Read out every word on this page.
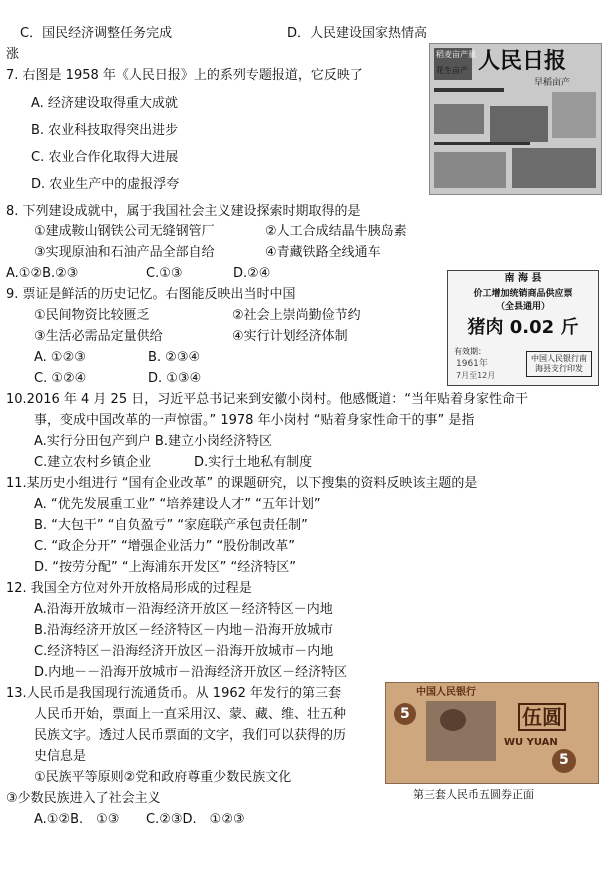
C．国民经济调整任务完成	D．人民建设国家热情高
涨
7. 右图是 1958 年《人民日报》上的系列专题报道，它反映了
A. 经济建设取得重大成就
B. 农业科技取得突出进步
C. 农业合作化取得大进展
D. 农业生产中的虚报浮夸
8. 下列建设成就中，属于我国社会主义建设探索时期取得的是
①建成鞍山钢铁公司无缝钢管厂	②人工合成结晶牛胰岛素
③实现原油和石油产品全部自给	④青藏铁路全线通车
A.①②B.②③	C.①③	D.②④
9. 票证是鲜活的历史记忆。右图能反映出当时中国
①民间物资比较匮乏	②社会上崇尚勤俭节约
③生活必需品定量供给	④实行计划经济体制
A. ①②③	B. ②③④
C. ①②④	D. ①③④
10.2016 年 4 月 25 日，习近平总书记来到安徽小岗村。他感慨道：“当年贴着身家性命干
事，变成中国改革的一声惊雷。” 1978 年小岗村 “贴着身家性命干的事” 是指
A.实行分田包产到户 B.建立小岗经济特区
C.建立农村乡镇企业	D.实行土地私有制度
11.某历史小组进行 “国有企业改革” 的课题研究，以下搜集的资料反映该主题的是
A. “优先发展重工业” “培养建设人才” “五年计划”
B. “大包干” “自负盈亏” “家庭联产承包责任制”
C. “政企分开” “增强企业活力” “股份制改革”
D. “按劳分配” “上海浦东开发区” “经济特区”
12. 我国全方位对外开放格局形成的过程是
A.沿海开放城市－沿海经济开放区－经济特区－内地
B.沿海经济开放区－经济特区－内地－沿海开放城市
C.经济特区－沿海经济开放区－沿海开放城市－内地
D.内地－－沿海开放城市－沿海经济开放区－经济特区
13.人民币是我国现行流通货币。从 1962 年发行的第三套
人民币开始，票面上一直采用汉、蒙、藏、维、壮五种
民族文字。透过人民币票面的文字，我们可以获得的历
史信息是
①民族平等原则②党和政府尊重少数民族文化
③少数民族进入了社会主义
A.①②B.　①③ C.②③D.　①②③
稻麦亩产量
花生亩产 人民日报
早稻亩产
南 海 县
价工增加统销商品供应票
（全县通用）
猪肉 0.02 斤
有效期：
1961年
7月至12月
中国人民银行南海县支行印发
中国人民银行
5	伍圆
WU YUAN
5
第三套人民币五圆券正面
